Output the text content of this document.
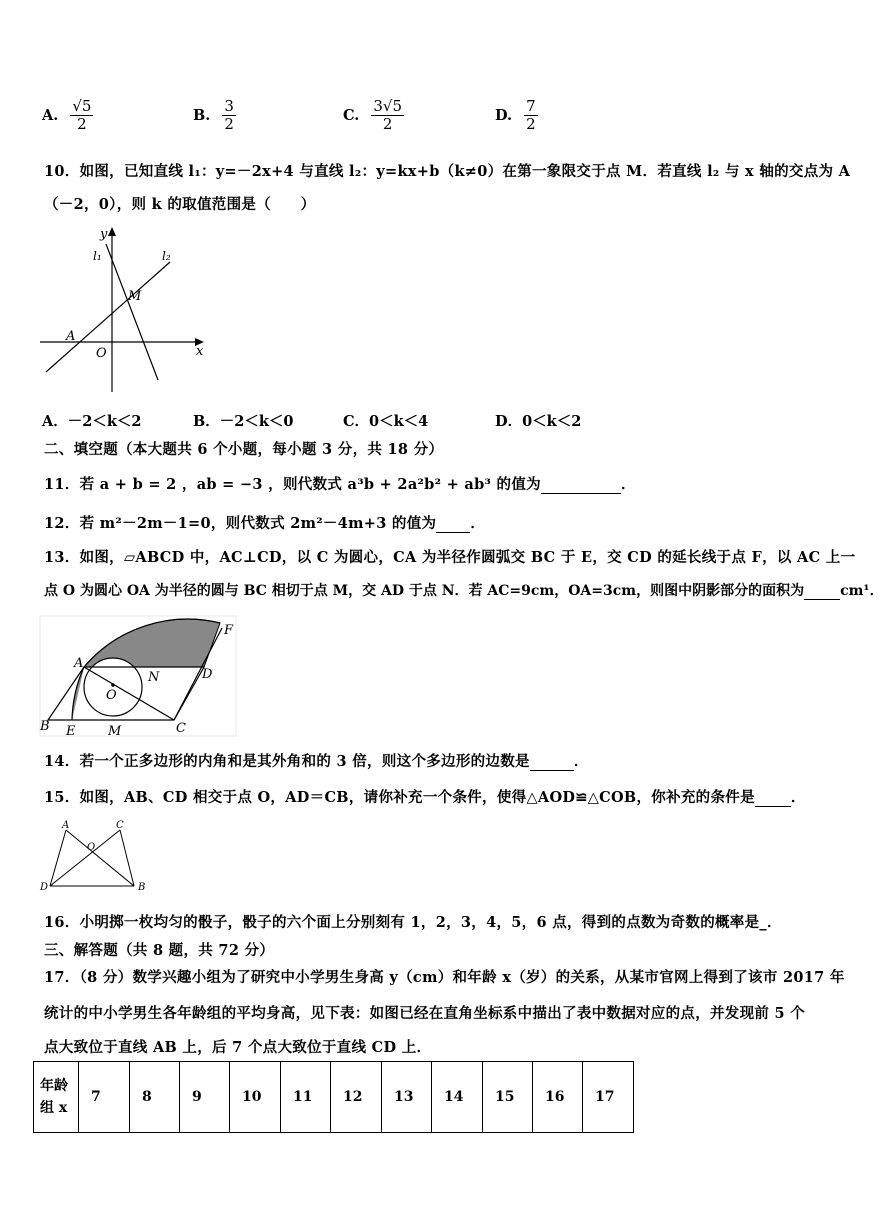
A. $\frac{√5}{2}$	B. $\frac{3}{2}$	C. $\frac{3√5}{2}$	D. $\frac{7}{2}$
10．如图，已知直线 l₁：y=－2x+4 与直线 l₂：y=kx+b（k≠0）在第一象限交于点 M．若直线 l₂ 与 x 轴的交点为 A
（－2，0），则 k 的取值范围是（　　）
y
x
l₁	l₂
M
A
O
A．－2＜k＜2	B．－2＜k＜0	C．0＜k＜4	D．0＜k＜2
二、填空题（本大题共 6 个小题，每小题 3 分，共 18 分）
11．若 a + b = 2 ，ab = −3 ，则代数式 a³b + 2a²b² + ab³ 的值为	．
12．若 m²－2m－1=0，则代数式 2m²－4m+3 的值为 ．
13．如图，▱ABCD 中，AC⊥CD，以 C 为圆心，CA 为半径作圆弧交 BC 于 E，交 CD 的延长线于点 F，以 AC 上一
点 O 为圆心 OA 为半径的圆与 BC 相切于点 M，交 AD 于点 N．若 AC=9cm，OA=3cm，则图中阴影部分的面积为	cm¹．
A
B	C
D
E
F
M
N
O
14．若一个正多边形的内角和是其外角和的 3 倍，则这个多边形的边数是	．
15．如图，AB、CD 相交于点 O，AD＝CB，请你补充一个条件，使得△AOD≌△COB，你补充的条件是 ．
A
B
C
D
O
16．小明掷一枚均匀的骰子，骰子的六个面上分别刻有 1，2，3，4，5，6 点，得到的点数为奇数的概率是_．
三、解答题（共 8 题，共 72 分）
17．（8 分）数学兴趣小组为了研究中小学男生身高 y（cm）和年龄 x（岁）的关系，从某市官网上得到了该市 2017 年
统计的中小学男生各年龄组的平均身高，见下表：如图已经在直角坐标系中描出了表中数据对应的点，并发现前 5 个
点大致位于直线 AB 上，后 7 个点大致位于直线 CD 上．
年龄组 x	7	8	9	10	11	12	13	14	15	16	17
